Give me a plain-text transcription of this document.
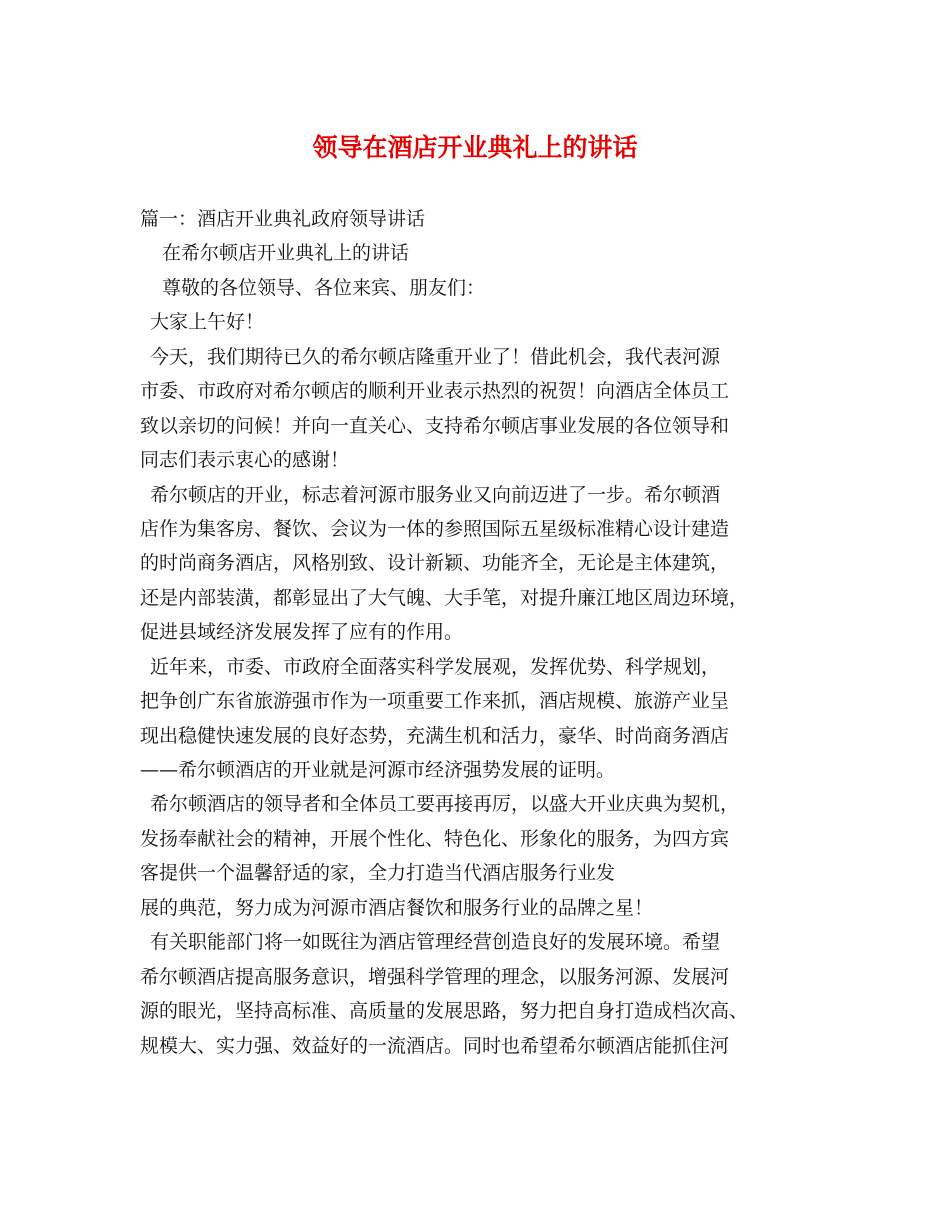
领导在酒店开业典礼上的讲话
篇一：酒店开业典礼政府领导讲话
在希尔顿店开业典礼上的讲话
尊敬的各位领导、各位来宾、朋友们：
大家上午好！
今天，我们期待已久的希尔顿店隆重开业了！借此机会，我代表河源
市委、市政府对希尔顿店的顺利开业表示热烈的祝贺！向酒店全体员工
致以亲切的问候！并向一直关心、支持希尔顿店事业发展的各位领导和
同志们表示衷心的感谢！
希尔顿店的开业，标志着河源市服务业又向前迈进了一步。希尔顿酒
店作为集客房、餐饮、会议为一体的参照国际五星级标准精心设计建造
的时尚商务酒店，风格别致、设计新颖、功能齐全，无论是主体建筑，
还是内部装潢，都彰显出了大气魄、大手笔，对提升廉江地区周边环境，
促进县域经济发展发挥了应有的作用。
近年来，市委、市政府全面落实科学发展观，发挥优势、科学规划，
把争创广东省旅游强市作为一项重要工作来抓，酒店规模、旅游产业呈
现出稳健快速发展的良好态势，充满生机和活力，豪华、时尚商务酒店
——希尔顿酒店的开业就是河源市经济强势发展的证明。
希尔顿酒店的领导者和全体员工要再接再厉，以盛大开业庆典为契机，
发扬奉献社会的精神，开展个性化、特色化、形象化的服务，为四方宾
客提供一个温馨舒适的家，全力打造当代酒店服务行业发
展的典范，努力成为河源市酒店餐饮和服务行业的品牌之星！
有关职能部门将一如既往为酒店管理经营创造良好的发展环境。希望
希尔顿酒店提高服务意识，增强科学管理的理念，以服务河源、发展河
源的眼光，坚持高标准、高质量的发展思路，努力把自身打造成档次高、
规模大、实力强、效益好的一流酒店。同时也希望希尔顿酒店能抓住河
